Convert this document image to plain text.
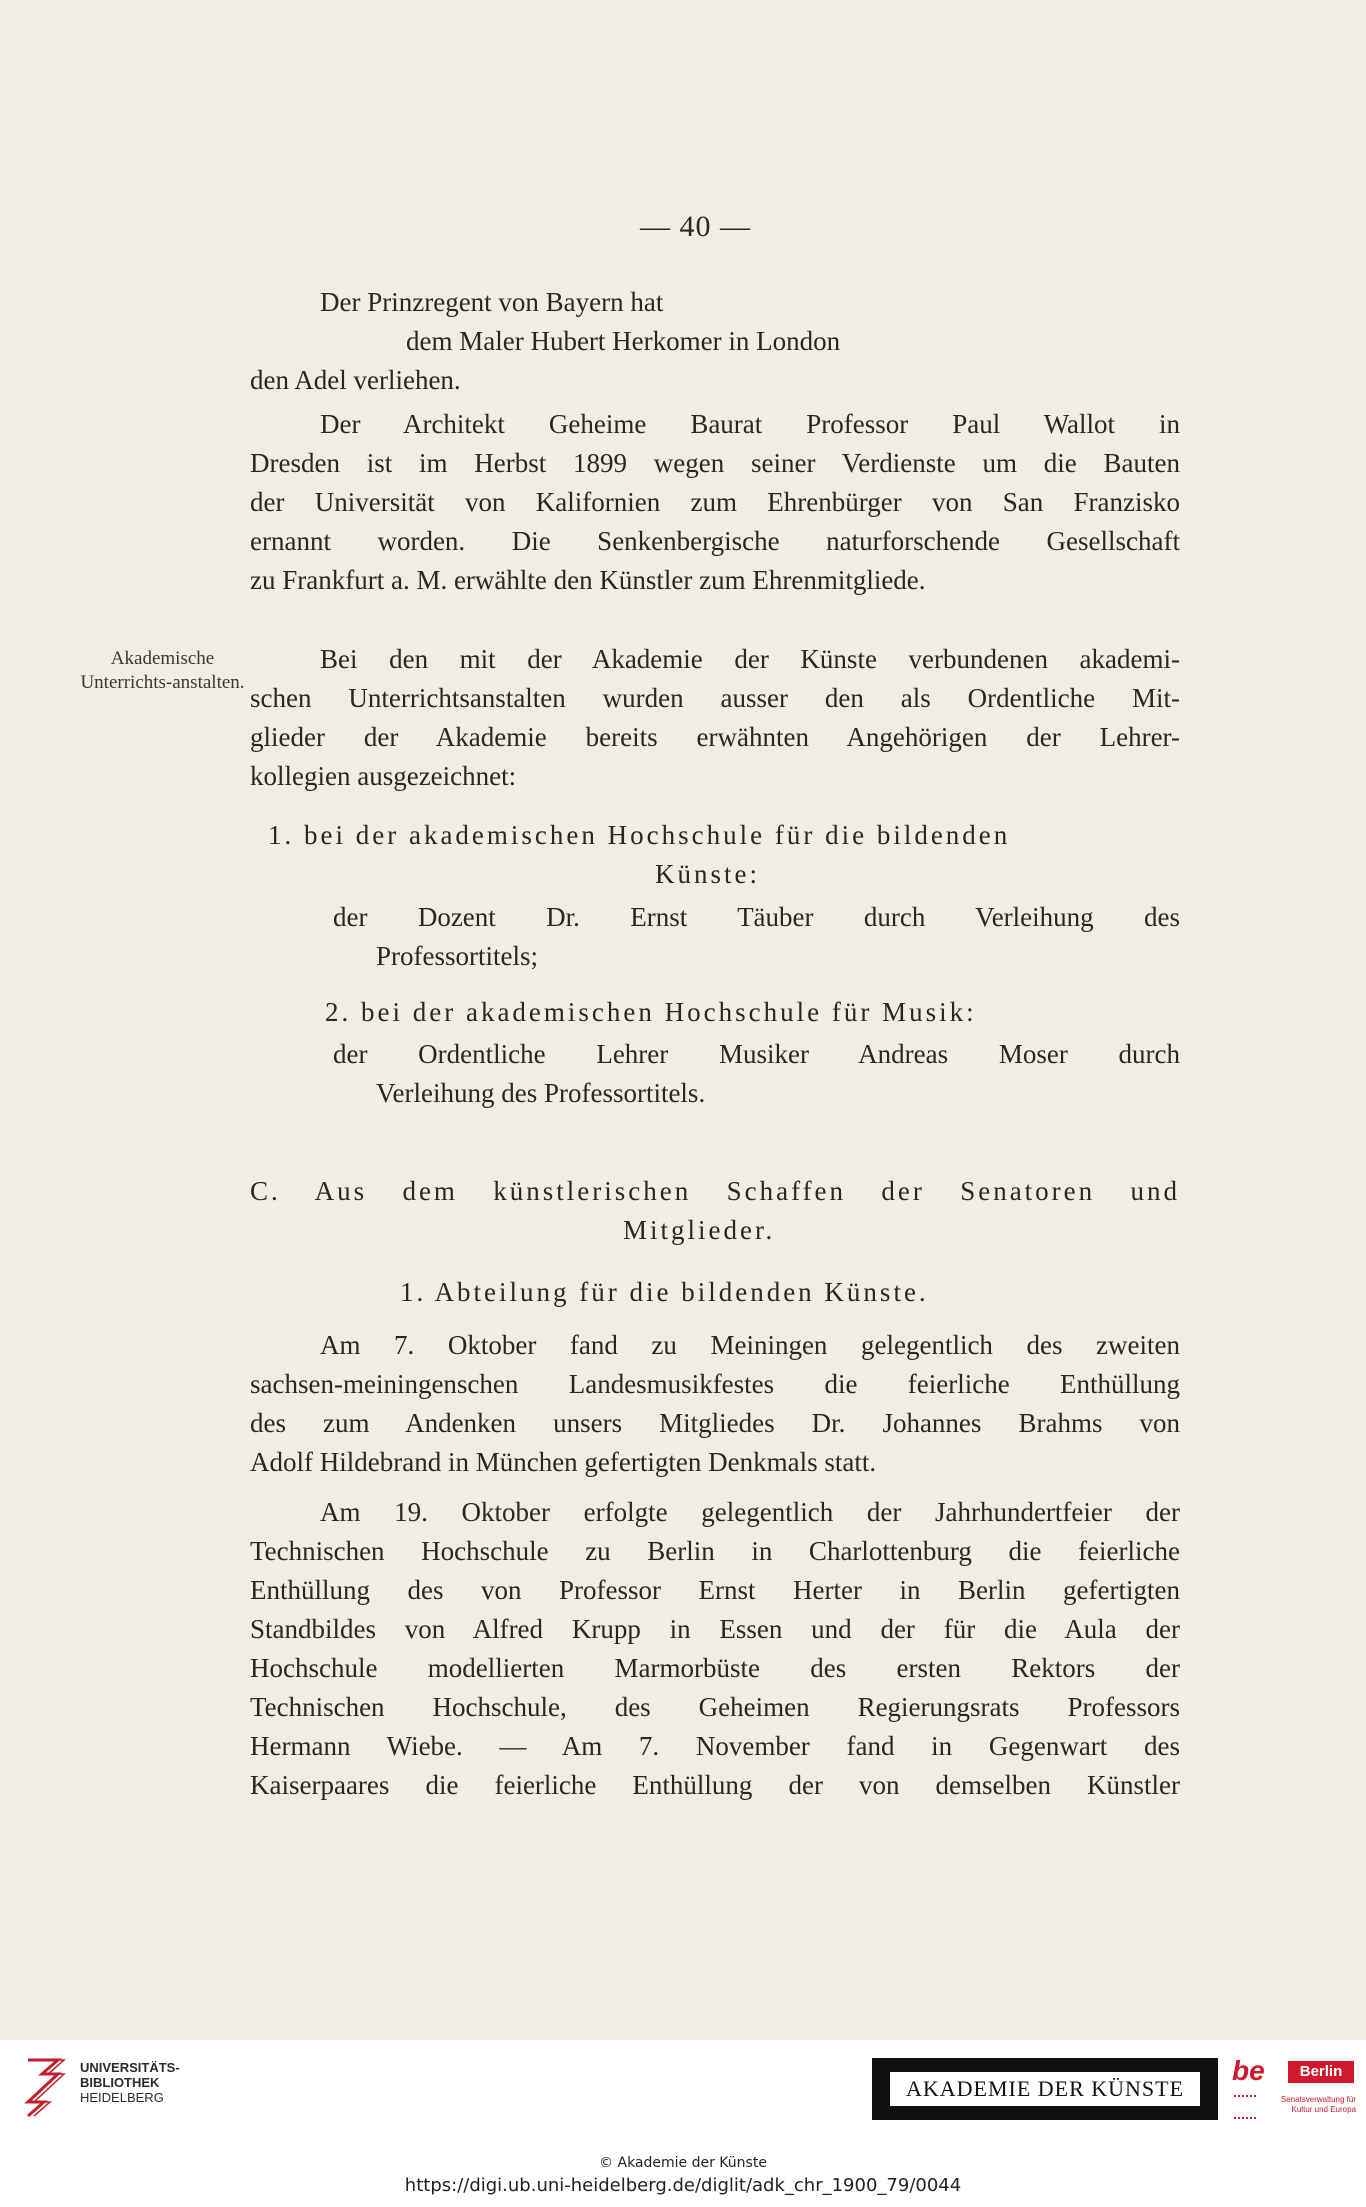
— 40 —
Der Prinzregent von Bayern hat
dem Maler Hubert Herkomer in London
den Adel verliehen.
Der Architekt Geheime Baurat Professor Paul Wallot in
Dresden ist im Herbst 1899 wegen seiner Verdienste um die Bauten
der Universität von Kalifornien zum Ehrenbürger von San Franzisko
ernannt worden. Die Senkenbergische naturforschende Gesellschaft
zu Frankfurt a. M. erwählte den Künstler zum Ehrenmitgliede.
Akademische Unterrichts-anstalten.
Bei den mit der Akademie der Künste verbundenen akademi-
schen Unterrichtsanstalten wurden ausser den als Ordentliche Mit-
glieder der Akademie bereits erwähnten Angehörigen der Lehrer-
kollegien ausgezeichnet:
1. bei der akademischen Hochschule für die bildenden
Künste:
der Dozent Dr. Ernst Täuber durch Verleihung des
Professortitels;
2. bei der akademischen Hochschule für Musik:
der Ordentliche Lehrer Musiker Andreas Moser durch
Verleihung des Professortitels.
C. Aus dem künstlerischen Schaffen der Senatoren und
Mitglieder.
1. Abteilung für die bildenden Künste.
Am 7. Oktober fand zu Meiningen gelegentlich des zweiten
sachsen-meiningenschen Landesmusikfestes die feierliche Enthüllung
des zum Andenken unsers Mitgliedes Dr. Johannes Brahms von
Adolf Hildebrand in München gefertigten Denkmals statt.
Am 19. Oktober erfolgte gelegentlich der Jahrhundertfeier der
Technischen Hochschule zu Berlin in Charlottenburg die feierliche
Enthüllung des von Professor Ernst Herter in Berlin gefertigten
Standbildes von Alfred Krupp in Essen und der für die Aula der
Hochschule modellierten Marmorbüste des ersten Rektors der
Technischen Hochschule, des Geheimen Regierungsrats Professors
Hermann Wiebe. — Am 7. November fand in Gegenwart des
Kaiserpaares die feierliche Enthüllung der von demselben Künstler
UNIVERSITÄTS-
BIBLIOTHEK
HEIDELBERG	AKADEMIE DER KÜNSTE
be	Berlin
Senatsverwaltung für Kultur und Europa
© Akademie der Künste
https://digi.ub.uni-heidelberg.de/diglit/adk_chr_1900_79/0044
